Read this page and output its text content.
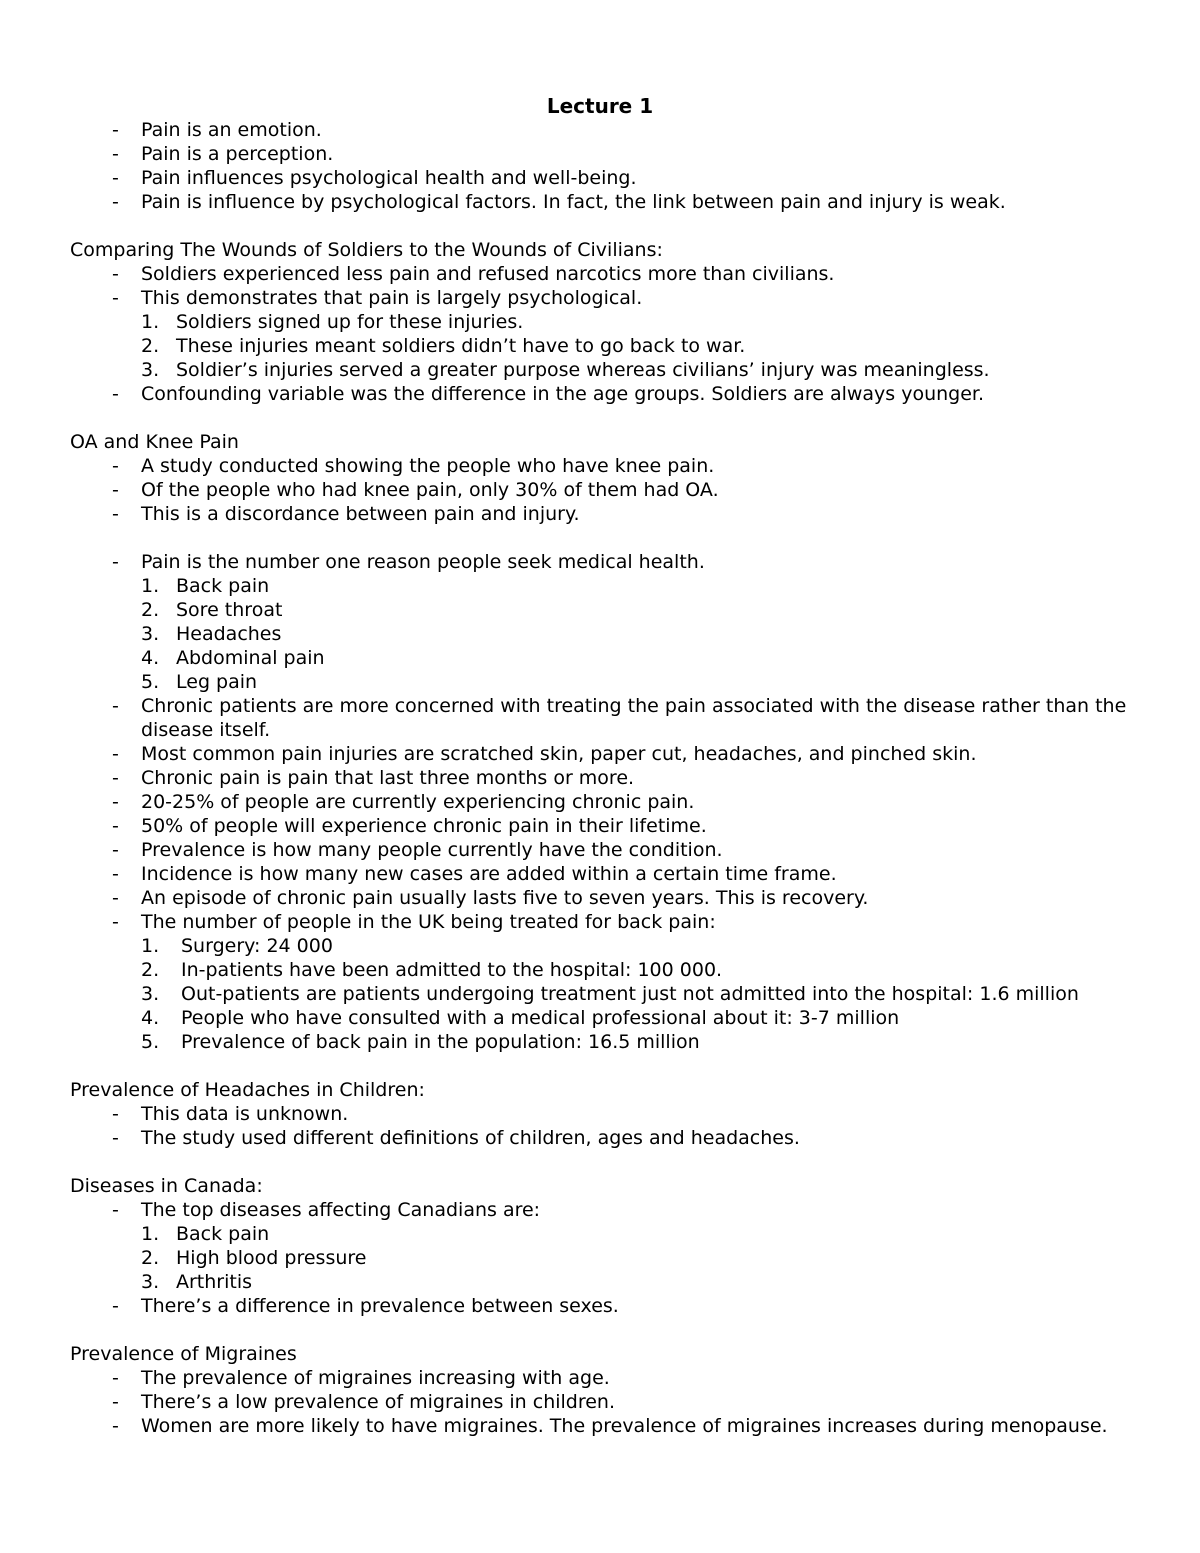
Lecture 1
-	Pain is an emotion.
-	Pain is a perception.
-	Pain influences psychological health and well-being.
-	Pain is influence by psychological factors. In fact, the link between pain and injury is weak.
Comparing The Wounds of Soldiers to the Wounds of Civilians:
-	Soldiers experienced less pain and refused narcotics more than civilians.
-	This demonstrates that pain is largely psychological.
1. Soldiers signed up for these injuries.
2. These injuries meant soldiers didn’t have to go back to war.
3. Soldier’s injuries served a greater purpose whereas civilians’ injury was meaningless.
-	Confounding variable was the difference in the age groups. Soldiers are always younger.
OA and Knee Pain
-	A study conducted showing the people who have knee pain.
-	Of the people who had knee pain, only 30% of them had OA.
-	This is a discordance between pain and injury.
-	Pain is the number one reason people seek medical health.
1. Back pain
2. Sore throat
3. Headaches
4. Abdominal pain
5. Leg pain
-	Chronic patients are more concerned with treating the pain associated with the disease rather than the disease itself.
-	Most common pain injuries are scratched skin, paper cut, headaches, and pinched skin.
-	Chronic pain is pain that last three months or more.
-	20-25% of people are currently experiencing chronic pain.
-	50% of people will experience chronic pain in their lifetime.
-	Prevalence is how many people currently have the condition.
-	Incidence is how many new cases are added within a certain time frame.
-	An episode of chronic pain usually lasts five to seven years. This is recovery.
-	The number of people in the UK being treated for back pain:
1.	Surgery: 24 000
2.	In-patients have been admitted to the hospital: 100 000.
3.	Out-patients are patients undergoing treatment just not admitted into the hospital: 1.6 million
4.	People who have consulted with a medical professional about it: 3-7 million
5.	Prevalence of back pain in the population: 16.5 million
Prevalence of Headaches in Children:
-	This data is unknown.
-	The study used different definitions of children, ages and headaches.
Diseases in Canada:
-	The top diseases affecting Canadians are:
1. Back pain
2. High blood pressure
3. Arthritis
-	There’s a difference in prevalence between sexes.
Prevalence of Migraines
-	The prevalence of migraines increasing with age.
-	There’s a low prevalence of migraines in children.
-	Women are more likely to have migraines. The prevalence of migraines increases during menopause.
